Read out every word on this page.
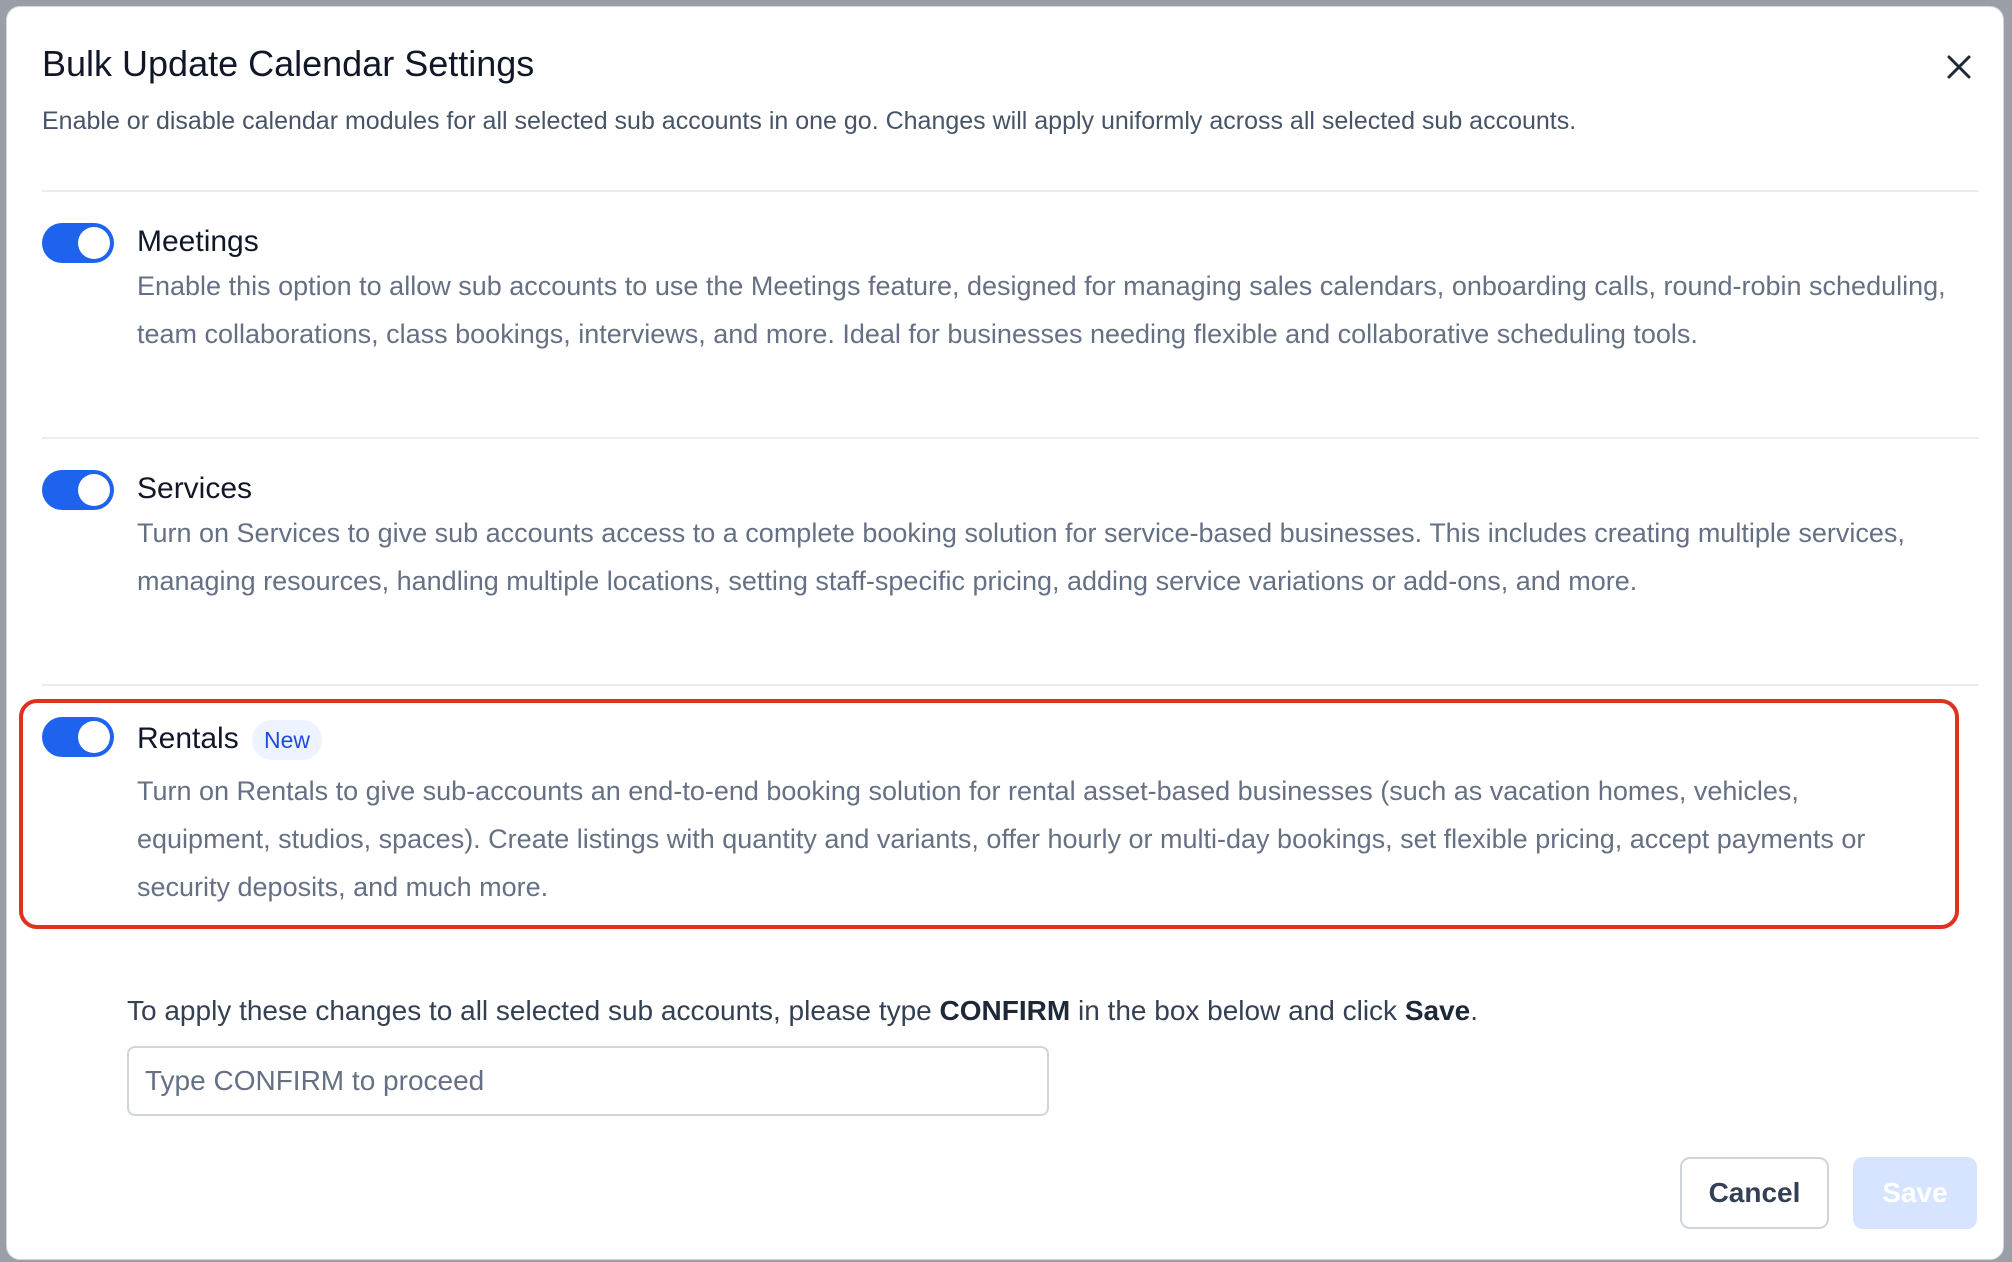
Bulk Update Calendar Settings
Enable or disable calendar modules for all selected sub accounts in one go. Changes will apply uniformly across all selected sub accounts.
Meetings
Enable this option to allow sub accounts to use the Meetings feature, designed for managing sales calendars, onboarding calls, round-robin scheduling, team collaborations, class bookings, interviews, and more. Ideal for businesses needing flexible and collaborative scheduling tools.
Services
Turn on Services to give sub accounts access to a complete booking solution for service-based businesses. This includes creating multiple services, managing resources, handling multiple locations, setting staff-specific pricing, adding service variations or add-ons, and more.
Rentals	New
Turn on Rentals to give sub-accounts an end-to-end booking solution for rental asset-based businesses (such as vacation homes, vehicles, equipment, studios, spaces). Create listings with quantity and variants, offer hourly or multi-day bookings, set flexible pricing, accept payments or security deposits, and much more.
To apply these changes to all selected sub accounts, please type CONFIRM in the box below and click Save.
Type CONFIRM to proceed
Cancel	Save
